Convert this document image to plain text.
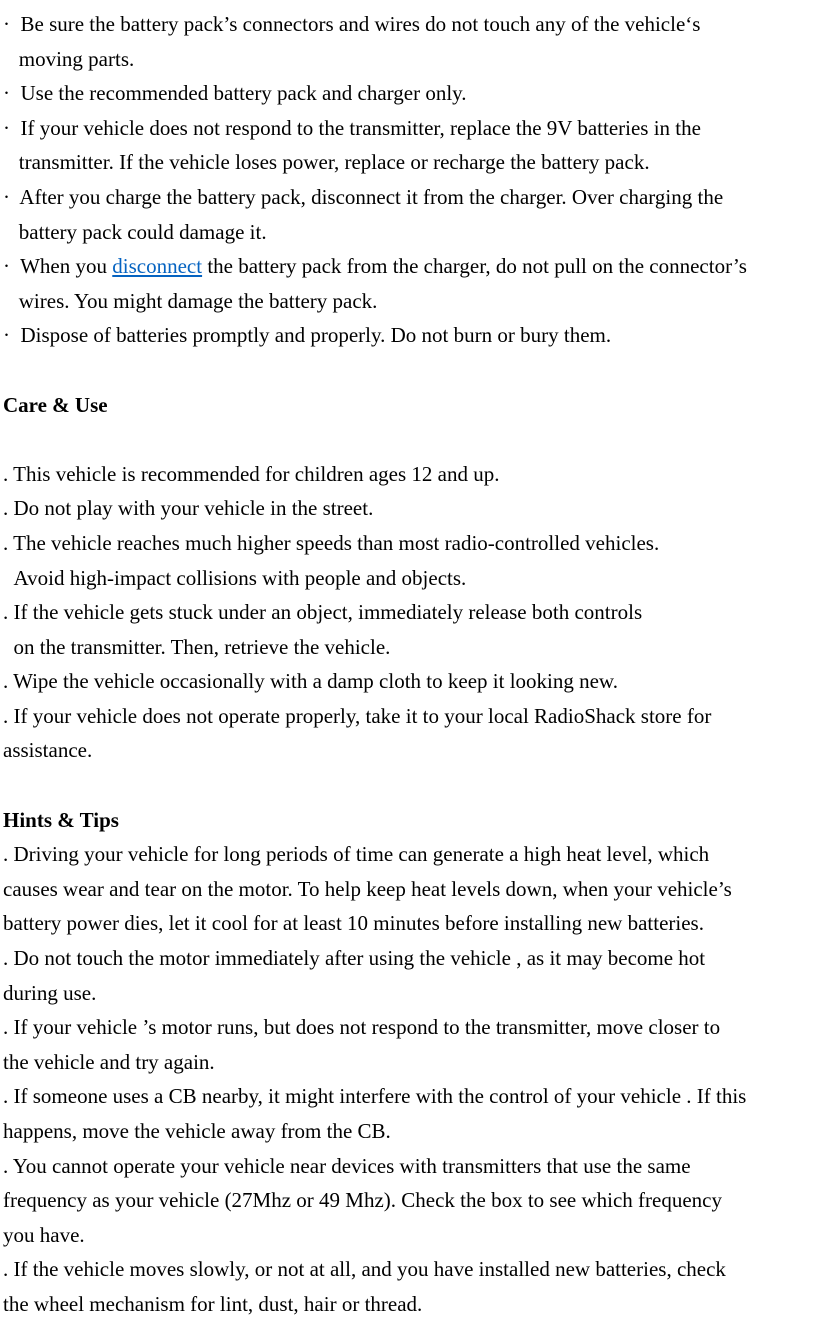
·  Be sure the battery pack’s connectors and wires do not touch any of the vehicle‘s
moving parts.
·  Use the recommended battery pack and charger only.
·  If your vehicle does not respond to the transmitter, replace the 9V batteries in the
transmitter. If the vehicle loses power, replace or recharge the battery pack.
·  After you charge the battery pack, disconnect it from the charger. Over charging the
battery pack could damage it.
·  When you disconnect the battery pack from the charger, do not pull on the connector’s
wires. You might damage the battery pack.
·  Dispose of batteries promptly and properly. Do not burn or bury them.
Care & Use
. This vehicle is recommended for children ages 12 and up.
. Do not play with your vehicle in the street.
. The vehicle reaches much higher speeds than most radio-controlled vehicles.
Avoid high-impact collisions with people and objects.
. If the vehicle gets stuck under an object, immediately release both controls
on the transmitter. Then, retrieve the vehicle.
. Wipe the vehicle occasionally with a damp cloth to keep it looking new.
. If your vehicle does not operate properly, take it to your local RadioShack store for
assistance.
Hints & Tips
. Driving your vehicle for long periods of time can generate a high heat level, which
causes wear and tear on the motor. To help keep heat levels down, when your vehicle’s
battery power dies, let it cool for at least 10 minutes before installing new batteries.
. Do not touch the motor immediately after using the vehicle , as it may become hot
during use.
. If your vehicle ’s motor runs, but does not respond to the transmitter, move closer to
the vehicle and try again.
. If someone uses a CB nearby, it might interfere with the control of your vehicle . If this
happens, move the vehicle away from the CB.
. You cannot operate your vehicle near devices with transmitters that use the same
frequency as your vehicle (27Mhz or 49 Mhz). Check the box to see which frequency
you have.
. If the vehicle moves slowly, or not at all, and you have installed new batteries, check
the wheel mechanism for lint, dust, hair or thread.
